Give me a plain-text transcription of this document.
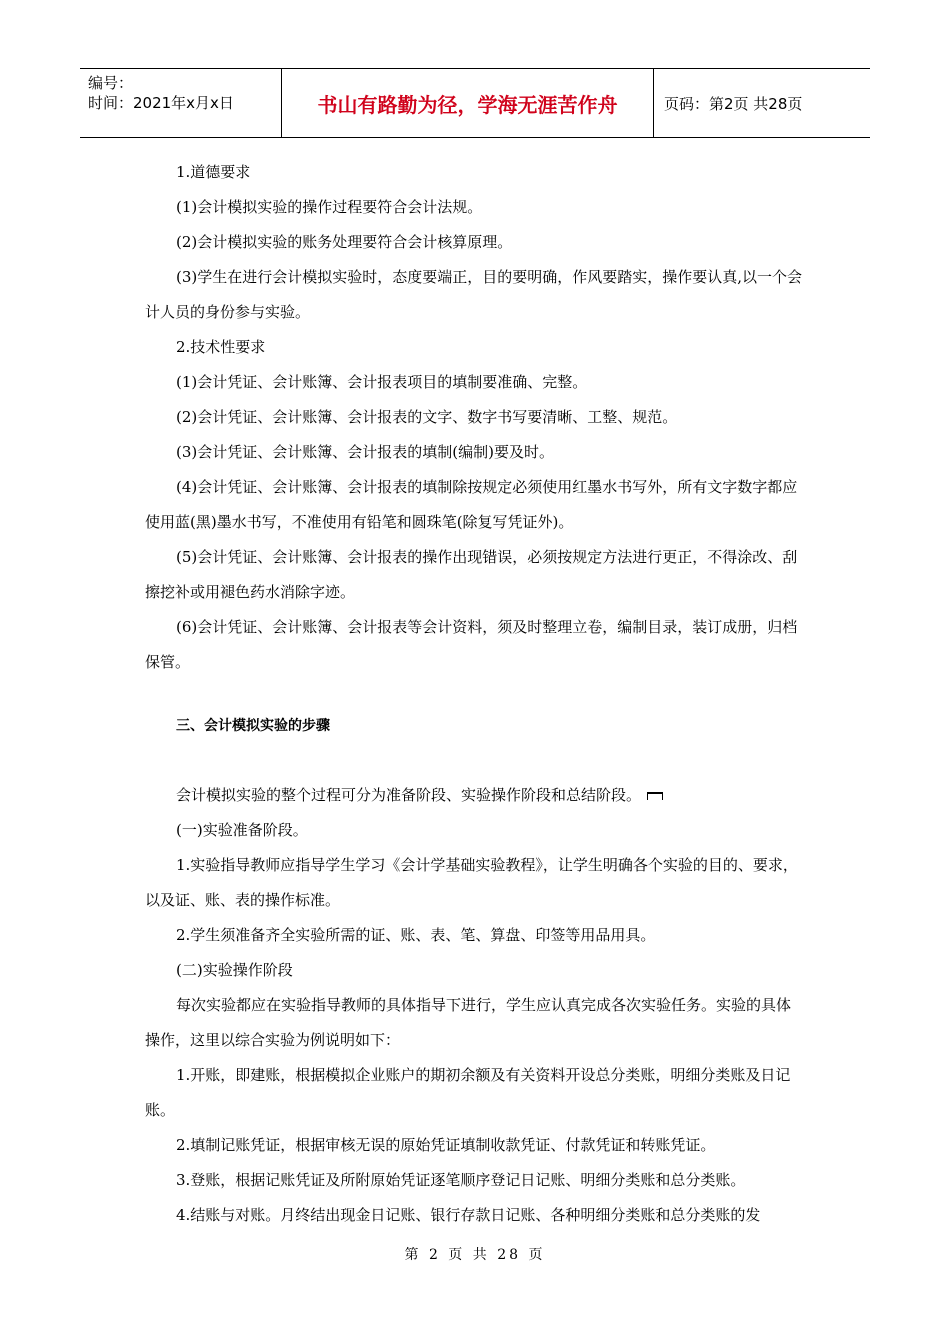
编号：
时间：2021年x月x日	书山有路勤为径，学海无涯苦作舟	页码：第2页 共28页

1.道德要求

(1)会计模拟实验的操作过程要符合会计法规。

(2)会计模拟实验的账务处理要符合会计核算原理。

(3)学生在进行会计模拟实验时，态度要端正，目的要明确，作风要踏实，操作要认真,以一个会计人员的身份参与实验。

2.技术性要求

(1)会计凭证、会计账簿、会计报表项目的填制要准确、完整。

(2)会计凭证、会计账簿、会计报表的文字、数字书写要清晰、工整、规范。

(3)会计凭证、会计账簿、会计报表的填制(编制)要及时。

(4)会计凭证、会计账簿、会计报表的填制除按规定必须使用红墨水书写外，所有文字数字都应使用蓝(黑)墨水书写，不准使用有铅笔和圆珠笔(除复写凭证外)。

(5)会计凭证、会计账簿、会计报表的操作出现错误，必须按规定方法进行更正，不得涂改、刮擦挖补或用褪色药水消除字迹。

(6)会计凭证、会计账簿、会计报表等会计资料，须及时整理立卷，编制目录，装订成册，归档保管。

三、会计模拟实验的步骤

会计模拟实验的整个过程可分为准备阶段、实验操作阶段和总结阶段。

(一)实验准备阶段。

1.实验指导教师应指导学生学习《会计学基础实验教程》，让学生明确各个实验的目的、要求，以及证、账、表的操作标准。

2.学生须准备齐全实验所需的证、账、表、笔、算盘、印签等用品用具。

(二)实验操作阶段

每次实验都应在实验指导教师的具体指导下进行，学生应认真完成各次实验任务。实验的具体操作，这里以综合实验为例说明如下：

1.开账，即建账，根据模拟企业账户的期初余额及有关资料开设总分类账，明细分类账及日记账。

2.填制记账凭证，根据审核无误的原始凭证填制收款凭证、付款凭证和转账凭证。

3.登账，根据记账凭证及所附原始凭证逐笔顺序登记日记账、明细分类账和总分类账。

4.结账与对账。月终结出现金日记账、银行存款日记账、各种明细分类账和总分类账的发

第 2 页 共 28 页
